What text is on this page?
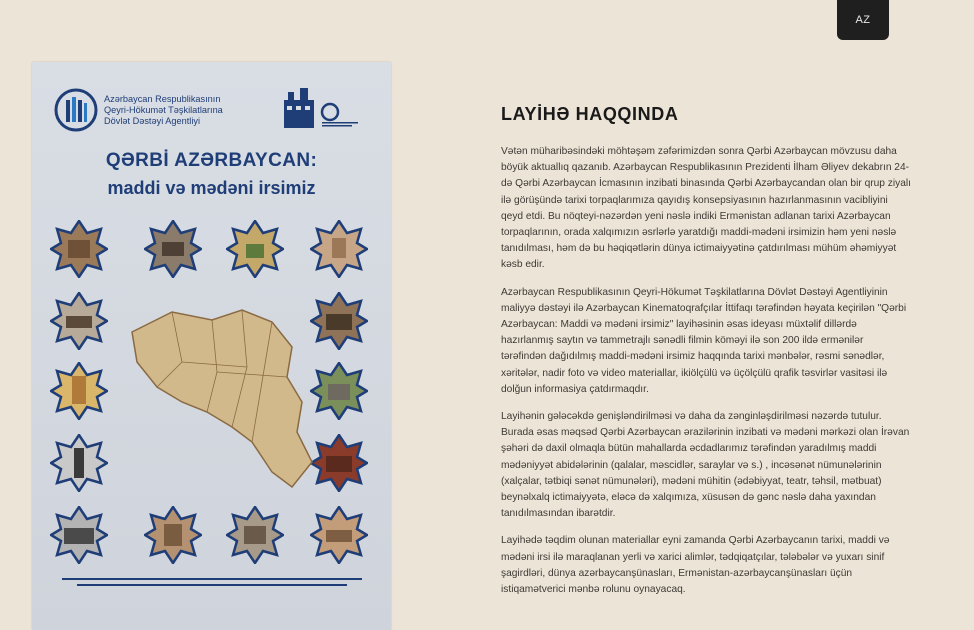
AZ
Azərbaycan Respublikasının
Qeyri-Hökumət Təşkilatlarına
Dövlət Dəstəyi Agentliyi
QƏRBİ AZƏRBAYCAN:
maddi və mədəni irsimiz
LAYİHƏ HAQQINDA

Vətən müharibəsindəki möhtəşəm zəfərimizdən sonra Qərbi Azərbaycan mövzusu daha
böyük aktuallıq qazanıb. Azərbaycan Respublikasının Prezidenti İlham Əliyev dekabrın 24-
də Qərbi Azərbaycan İcmasının inzibati binasında Qərbi Azərbaycandan olan bir qrup ziyalı
ilə görüşündə tarixi torpaqlarımıza qayıdış konsepsiyasının hazırlanmasının vacibliyini
qeyd etdi. Bu nöqteyi-nəzərdən yeni nəslə indiki Ermənistan adlanan tarixi Azərbaycan
torpaqlarının, orada xalqımızın əsrlərlə yaratdığı maddi-mədəni irsimizin həm yeni nəslə
tanıdılması, həm də bu həqiqətlərin dünya ictimaiyyətinə çatdırılması mühüm əhəmiyyət
kəsb edir.

Azərbaycan Respublikasının Qeyri-Hökumət Təşkilatlarına Dövlət Dəstəyi Agentliyinin
maliyyə dəstəyi ilə Azərbaycan Kinematoqrafçılar İttifaqı tərəfindən həyata keçirilən "Qərbi
Azərbaycan: Maddi və mədəni irsimiz" layihəsinin əsas ideyası müxtəlif dillərdə
hazırlanmış saytın və tammetrajlı sənədli filmin köməyi ilə son 200 ildə ermənilər
tərəfindən dağıdılmış maddi-mədəni irsimiz haqqında tarixi mənbələr, rəsmi sənədlər,
xəritələr, nadir foto və video materiallar, ikiölçülü və üçölçülü qrafik təsvirlər vasitəsi ilə
dolğun informasiya çatdırmaqdır.

Layihənin gələcəkdə genişləndirilməsi və daha da zənginləşdirilməsi nəzərdə tutulur.
Burada əsas məqsəd Qərbi Azərbaycan ərazilərinin inzibati və mədəni mərkəzi olan İrəvan
şəhəri də daxil olmaqla bütün mahallarda əcdadlarımız tərəfindən yaradılmış maddi
mədəniyyət abidələrinin (qalalar, məscidlər, saraylar və s.) , incəsənət nümunələrinin
(xalçalar, tətbiqi sənət nümunələri), mədəni mühitin (ədəbiyyat, teatr, təhsil, mətbuat)
beynəlxalq ictimaiyyətə, eləcə də xalqımıza, xüsusən də gənc nəslə daha yaxından
tanıdılmasından ibarətdir.

Layihədə təqdim olunan materiallar eyni zamanda Qərbi Azərbaycanın tarixi, maddi və
mədəni irsi ilə maraqlanan yerli və xarici alimlər, tədqiqatçılar, tələbələr və yuxarı sinif
şagirdləri, dünya azərbaycanşünasları, Ermənistan-azərbaycanşünasları üçün
istiqamətverici mənbə rolunu oynayacaq.
